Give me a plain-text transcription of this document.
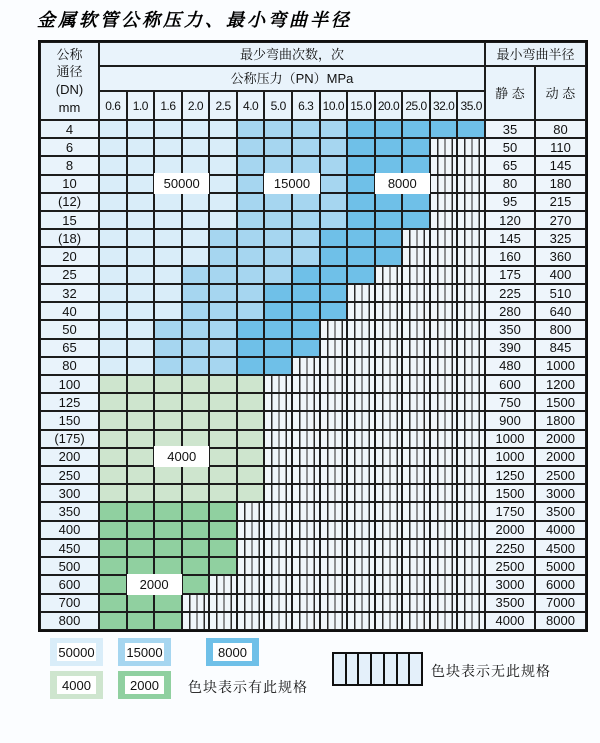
金属软管公称压力、最小弯曲半径
公称
通径
(DN)
mm
最少弯曲次数，次	最小弯曲半径
公称压力（PN）MPa
静 态	动 态
0.6	1.0	1.6	2.0	2.5	4.0	5.0	6.3 10.0 15.0 20.0 25.0 32.0 35.0
4	35	80
6	50	110
8	65	145
10	80	180
(12)	95	215
15	120	270
(18)	145	325
20	160	360
25	175	400
32	225	510
40	280	640
50	350	800
65	390	845
80	480	1000
100	600	1200
125	750	1500
150	900	1800
(175)	1000	2000
200	1000	2000
250	1250	2500
300	1500	3000
350	1750	3500
400	2000	4000
450	2250	4500
500	2500	5000
600	3000	6000
700	3500	7000
800	4000	8000
50000	15000	8000
4000
2000
50000 15000	8000
4000	2000	色块表示有此规格
色块表示无此规格
